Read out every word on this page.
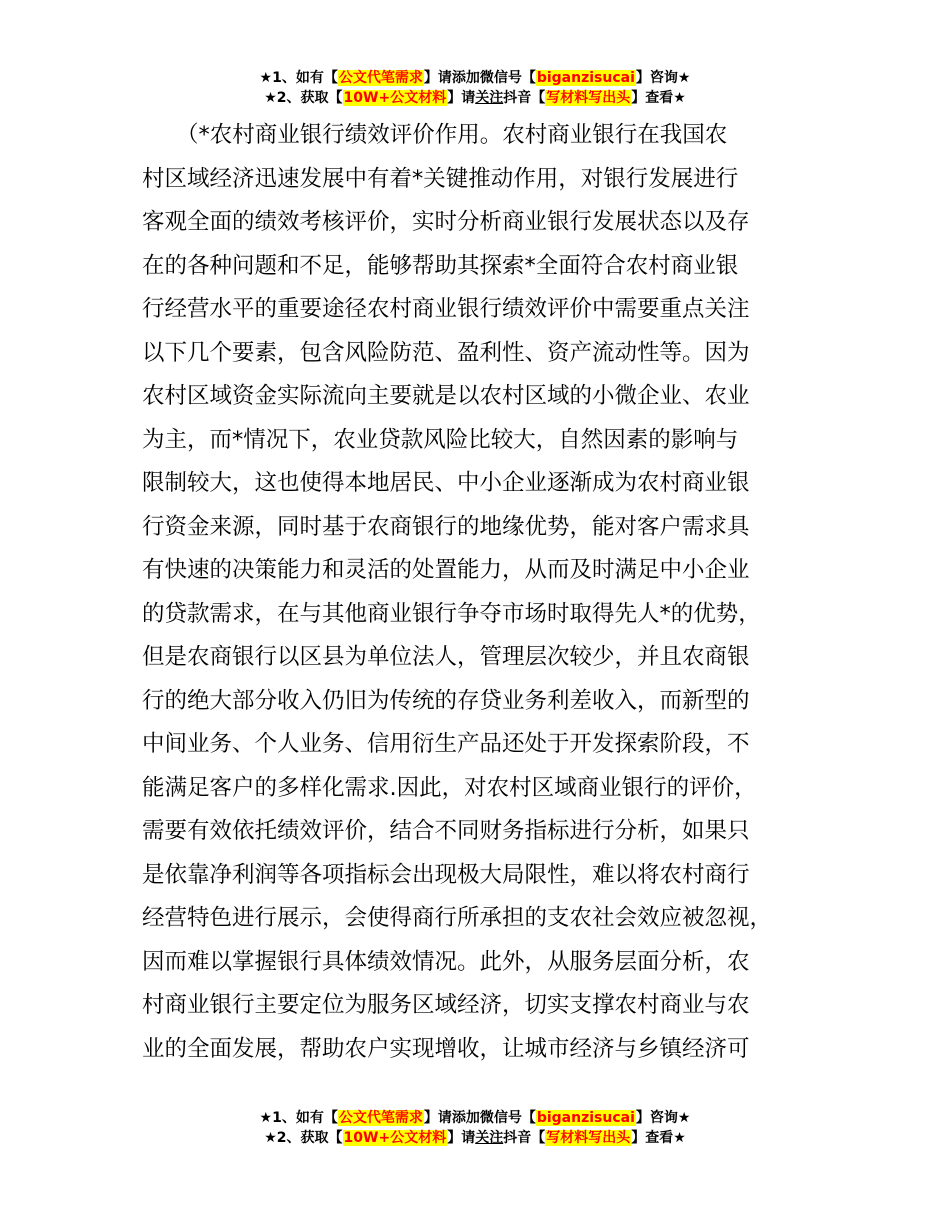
★1、如有【公文代笔需求】请添加微信号【biganzisucai】咨询★
★2、获取【10W+公文材料】请关注抖音【写材料写出头】查看★
（*农村商业银行绩效评价作用。农村商业银行在我国农
村区域经济迅速发展中有着*关键推动作用，对银行发展进行
客观全面的绩效考核评价，实时分析商业银行发展状态以及存
在的各种问题和不足，能够帮助其探索*全面符合农村商业银
行经营水平的重要途径农村商业银行绩效评价中需要重点关注
以下几个要素，包含风险防范、盈利性、资产流动性等。因为
农村区域资金实际流向主要就是以农村区域的小微企业、农业
为主，而*情况下，农业贷款风险比较大，自然因素的影响与
限制较大，这也使得本地居民、中小企业逐渐成为农村商业银
行资金来源，同时基于农商银行的地缘优势，能对客户需求具
有快速的决策能力和灵活的处置能力，从而及时满足中小企业
的贷款需求，在与其他商业银行争夺市场时取得先人*的优势，
但是农商银行以区县为单位法人，管理层次较少，并且农商银
行的绝大部分收入仍旧为传统的存贷业务利差收入，而新型的
中间业务、个人业务、信用衍生产品还处于开发探索阶段，不
能满足客户的多样化需求.因此，对农村区域商业银行的评价，
需要有效依托绩效评价，结合不同财务指标进行分析，如果只
是依靠净利润等各项指标会出现极大局限性，难以将农村商行
经营特色进行展示，会使得商行所承担的支农社会效应被忽视，
因而难以掌握银行具体绩效情况。此外，从服务层面分析，农
村商业银行主要定位为服务区域经济，切实支撑农村商业与农
业的全面发展，帮助农户实现增收，让城市经济与乡镇经济可
★1、如有【公文代笔需求】请添加微信号【biganzisucai】咨询★
★2、获取【10W+公文材料】请关注抖音【写材料写出头】查看★
